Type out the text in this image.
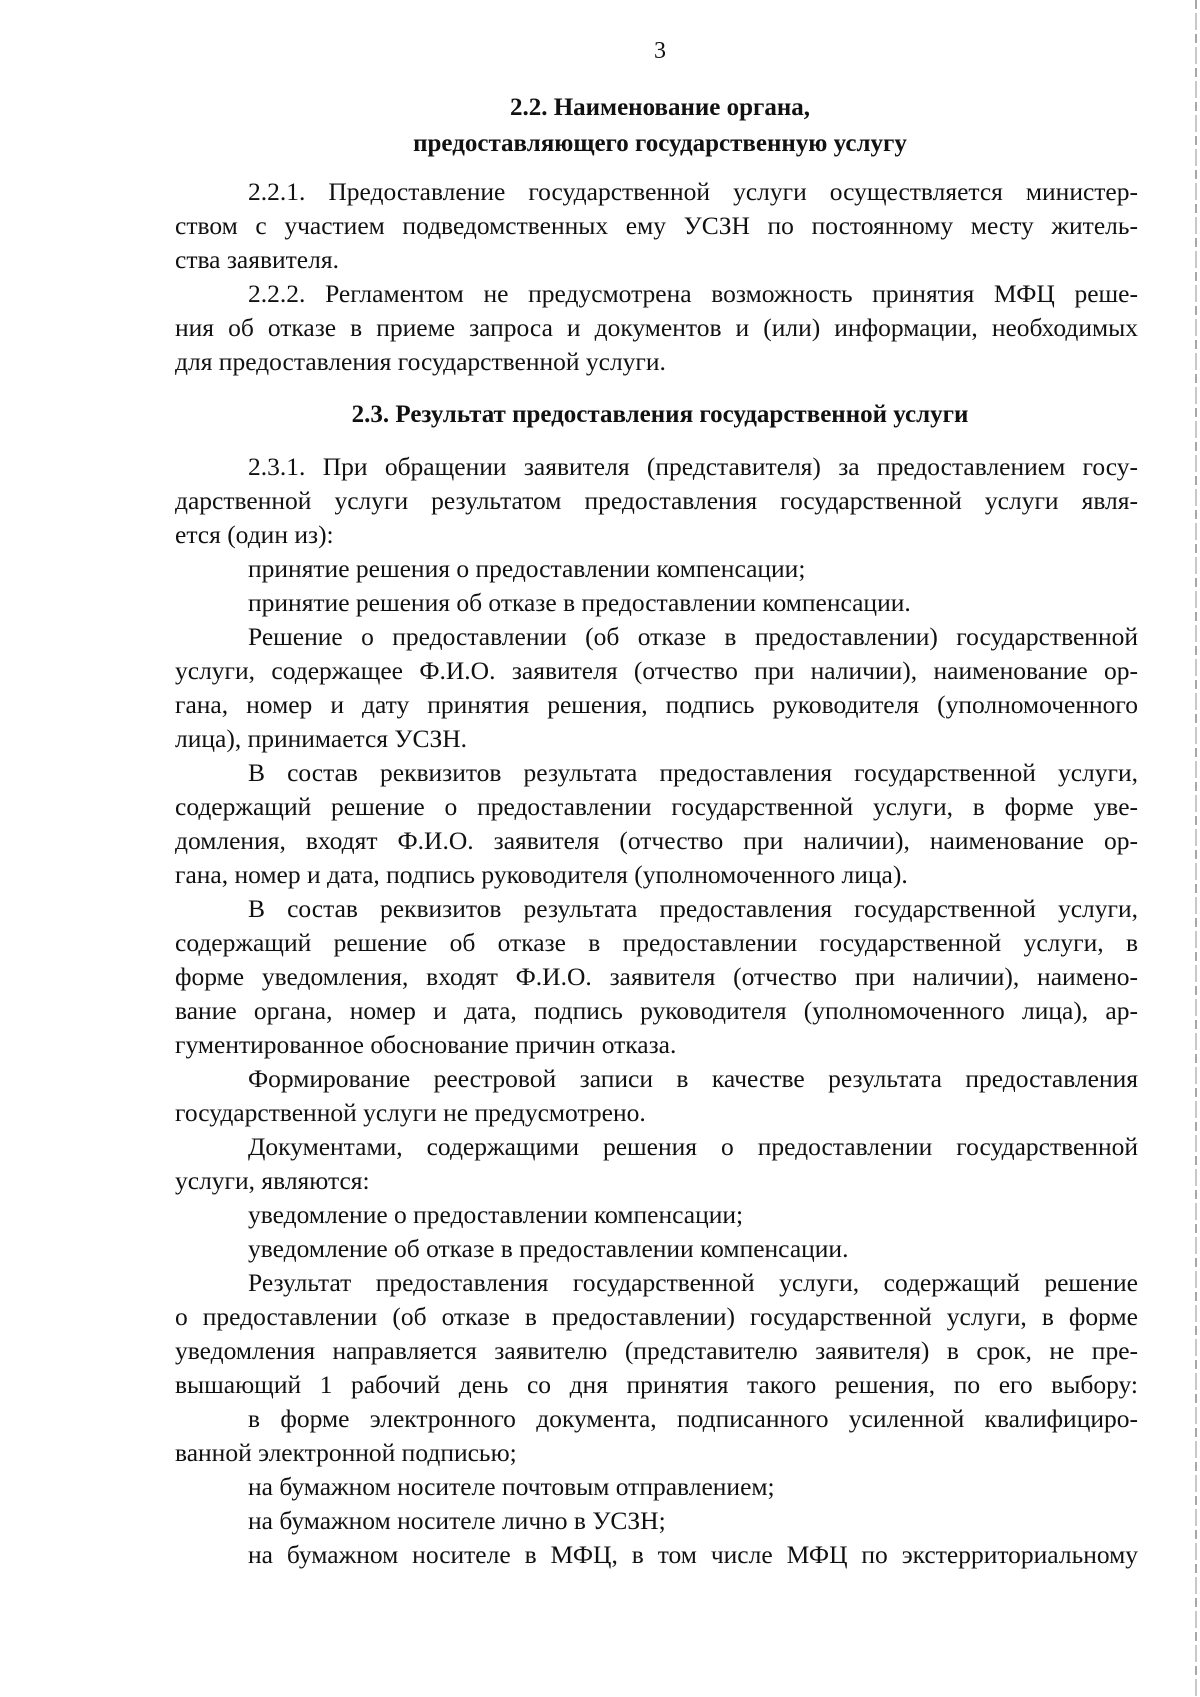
3
2.2. Наименование органа,
предоставляющего государственную услугу
2.2.1. Предоставление государственной услуги осуществляется министер-
ством с участием подведомственных ему УСЗН по постоянному месту житель-
ства заявителя.
2.2.2. Регламентом не предусмотрена возможность принятия МФЦ реше-
ния об отказе в приеме запроса и документов и (или) информации, необходимых
для предоставления государственной услуги.
2.3. Результат предоставления государственной услуги
2.3.1. При обращении заявителя (представителя) за предоставлением госу-
дарственной услуги результатом предоставления государственной услуги явля-
ется (один из):
принятие решения о предоставлении компенсации;
принятие решения об отказе в предоставлении компенсации.
Решение о предоставлении (об отказе в предоставлении) государственной
услуги, содержащее Ф.И.О. заявителя (отчество при наличии), наименование ор-
гана, номер и дату принятия решения, подпись руководителя (уполномоченного
лица), принимается УСЗН.
В состав реквизитов результата предоставления государственной услуги,
содержащий решение о предоставлении государственной услуги, в форме уве-
домления, входят Ф.И.О. заявителя (отчество при наличии), наименование ор-
гана, номер и дата, подпись руководителя (уполномоченного лица).
В состав реквизитов результата предоставления государственной услуги,
содержащий решение об отказе в предоставлении государственной услуги, в
форме уведомления, входят Ф.И.О. заявителя (отчество при наличии), наимено-
вание органа, номер и дата, подпись руководителя (уполномоченного лица), ар-
гументированное обоснование причин отказа.
Формирование реестровой записи в качестве результата предоставления
государственной услуги не предусмотрено.
Документами, содержащими решения о предоставлении государственной
услуги, являются:
уведомление о предоставлении компенсации;
уведомление об отказе в предоставлении компенсации.
Результат предоставления государственной услуги, содержащий решение
о предоставлении (об отказе в предоставлении) государственной услуги, в форме
уведомления направляется заявителю (представителю заявителя) в срок, не пре-
вышающий 1 рабочий день со дня принятия такого решения, по его выбору:
в форме электронного документа, подписанного усиленной квалифициро-
ванной электронной подписью;
на бумажном носителе почтовым отправлением;
на бумажном носителе лично в УСЗН;
на бумажном носителе в МФЦ, в том числе МФЦ по экстерриториальному
